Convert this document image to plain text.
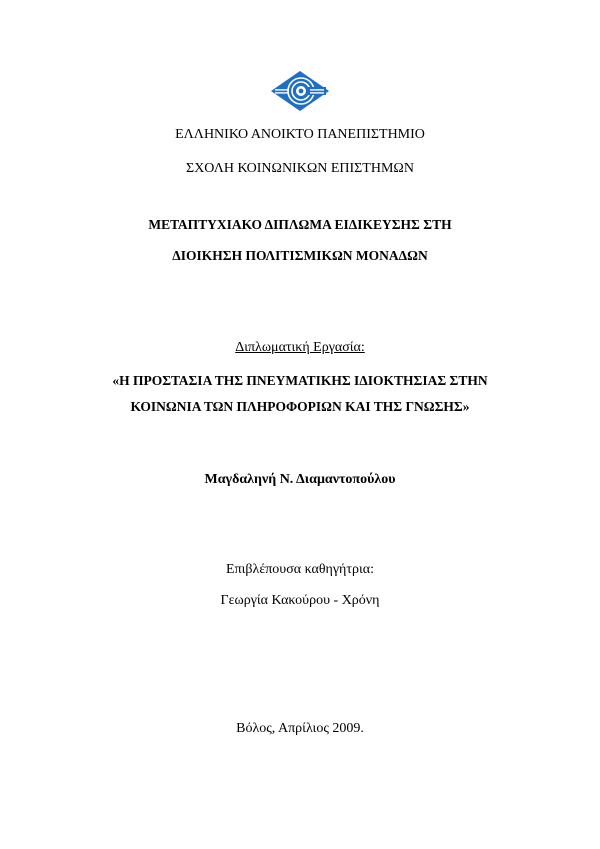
ΕΛΛΗΝΙΚΟ ΑΝΟΙΚΤΟ ΠΑΝΕΠΙΣΤΗΜΙΟ
ΣΧΟΛΗ ΚΟΙΝΩΝΙΚΩΝ ΕΠΙΣΤΗΜΩΝ
ΜΕΤΑΠΤΥΧΙΑΚΟ ΔΙΠΛΩΜΑ ΕΙΔΙΚΕΥΣΗΣ ΣΤΗ
ΔΙΟΙΚΗΣΗ ΠΟΛΙΤΙΣΜΙΚΩΝ ΜΟΝΑΔΩΝ
Διπλωματική Εργασία:
«Η ΠΡΟΣΤΑΣΙΑ ΤΗΣ ΠΝΕΥΜΑΤΙΚΗΣ ΙΔΙΟΚΤΗΣΙΑΣ ΣΤΗΝ
ΚΟΙΝΩΝΙΑ ΤΩΝ ΠΛΗΡΟΦΟΡΙΩΝ ΚΑΙ ΤΗΣ ΓΝΩΣΗΣ»
Μαγδαληνή Ν. Διαμαντοπούλου
Επιβλέπουσα καθηγήτρια:
Γεωργία Κακούρου - Χρόνη
Βόλος, Απρίλιος 2009.
